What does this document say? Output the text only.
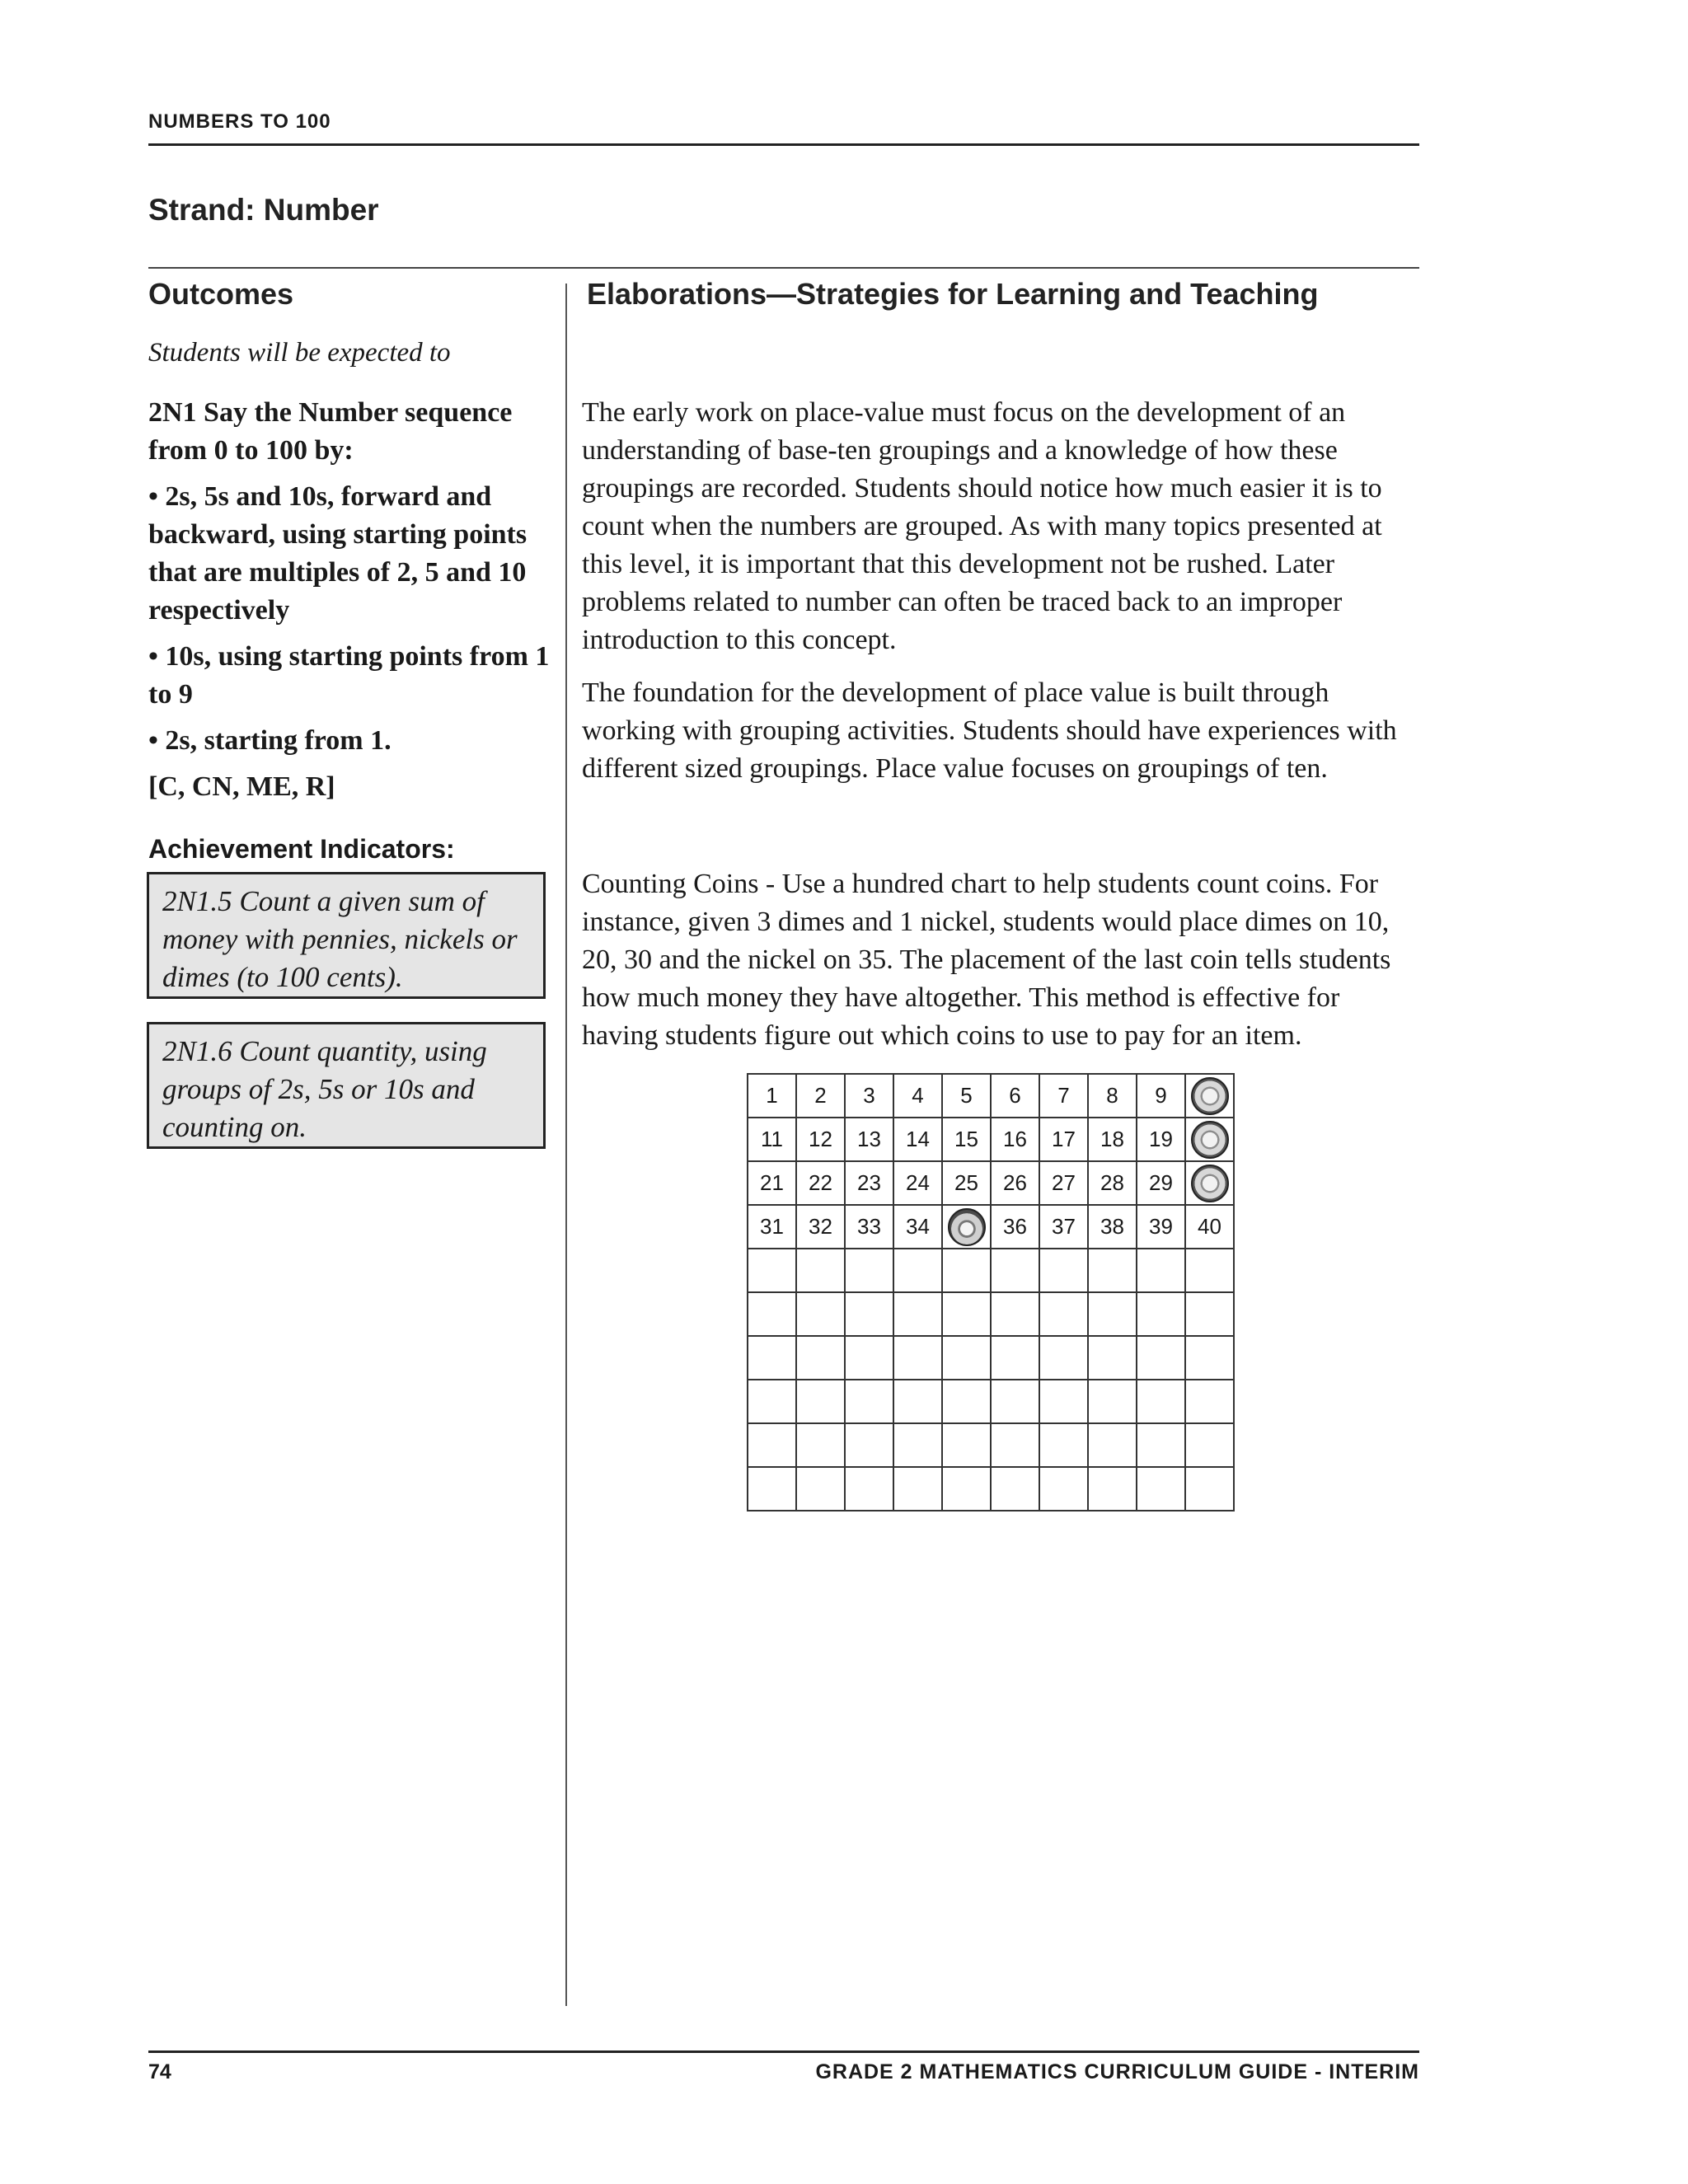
NUMBERS TO 100
Strand: Number
Outcomes
Students will be expected to

2N1 Say the Number sequence from 0 to 100 by:

• 2s, 5s and 10s, forward and backward, using starting points that are multiples of 2, 5 and 10 respectively

• 10s, using starting points from 1 to 9

• 2s, starting from 1.

[C, CN, ME, R]

Achievement Indicators:
2N1.5 Count a given sum of money with pennies, nickels or dimes (to 100 cents).
2N1.6 Count quantity, using groups of 2s, 5s or 10s and counting on.
Elaborations—Strategies for Learning and Teaching

The early work on place-value must focus on the development of an understanding of base-ten groupings and a knowledge of how these groupings are recorded. Students should notice how much easier it is to count when the numbers are grouped. As with many topics presented at this level, it is important that this development not be rushed. Later problems related to number can often be traced back to an improper introduction to this concept.

The foundation for the development of place value is built through working with grouping activities. Students should have experiences with different sized groupings. Place value focuses on groupings of ten.

Counting Coins - Use a hundred chart to help students count coins. For instance, given 3 dimes and 1 nickel, students would place dimes on 10, 20, 30 and the nickel on 35. The placement of the last coin tells students how much money they have altogether. This method is effective for having students figure out which coins to use to pay for an item.

1	2	3	4	5	6	7	8	9	
11	12	13	14	15	16	17	18	19	
21	22	23	24	25	26	27	28	29	
31	32	33	34		36	37	38	39	40

74	GRADE 2 MATHEMATICS CURRICULUM GUIDE - INTERIM
